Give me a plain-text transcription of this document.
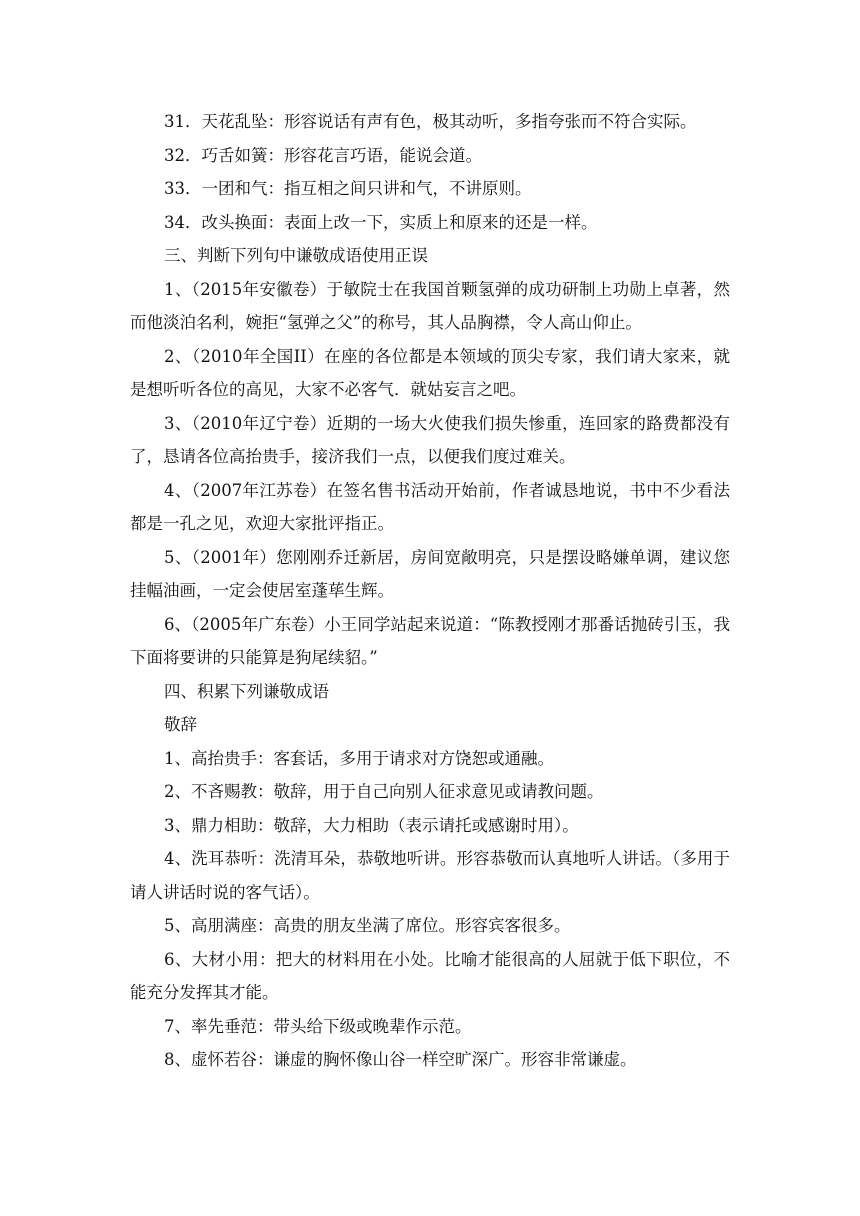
31．天花乱坠：形容说话有声有色，极其动听，多指夸张而不符合实际。

32．巧舌如簧：形容花言巧语，能说会道。

33．一团和气：指互相之间只讲和气，不讲原则。

34．改头换面：表面上改一下，实质上和原来的还是一样。

三、判断下列句中谦敬成语使用正误

1、（2015年安徽卷）于敏院士在我国首颗氢弹的成功研制上功勋上卓著，然而他淡泊名利，婉拒“氢弹之父”的称号，其人品胸襟，令人高山仰止。

2、（2010年全国II）在座的各位都是本领域的顶尖专家，我们请大家来，就是想听听各位的高见，大家不必客气．就姑妄言之吧。

3、（2010年辽宁卷）近期的一场大火使我们损失惨重，连回家的路费都没有了，恳请各位高抬贵手，接济我们一点，以便我们度过难关。

4、（2007年江苏卷）在签名售书活动开始前，作者诚恳地说，书中不少看法都是一孔之见，欢迎大家批评指正。

5、（2001年）您刚刚乔迁新居，房间宽敞明亮，只是摆设略嫌单调，建议您挂幅油画，一定会使居室蓬荜生辉。

6、（2005年广东卷）小王同学站起来说道：“陈教授刚才那番话抛砖引玉，我下面将要讲的只能算是狗尾续貂。”

四、积累下列谦敬成语

敬辞

1、高抬贵手：客套话，多用于请求对方饶恕或通融。

2、不吝赐教：敬辞，用于自己向别人征求意见或请教问题。

3、鼎力相助：敬辞，大力相助（表示请托或感谢时用）。

4、洗耳恭听：洗清耳朵，恭敬地听讲。形容恭敬而认真地听人讲话。（多用于请人讲话时说的客气话）。

5、高朋满座：高贵的朋友坐满了席位。形容宾客很多。

6、大材小用：把大的材料用在小处。比喻才能很高的人屈就于低下职位，不能充分发挥其才能。

7、率先垂范：带头给下级或晚辈作示范。

8、虚怀若谷：谦虚的胸怀像山谷一样空旷深广。形容非常谦虚。
